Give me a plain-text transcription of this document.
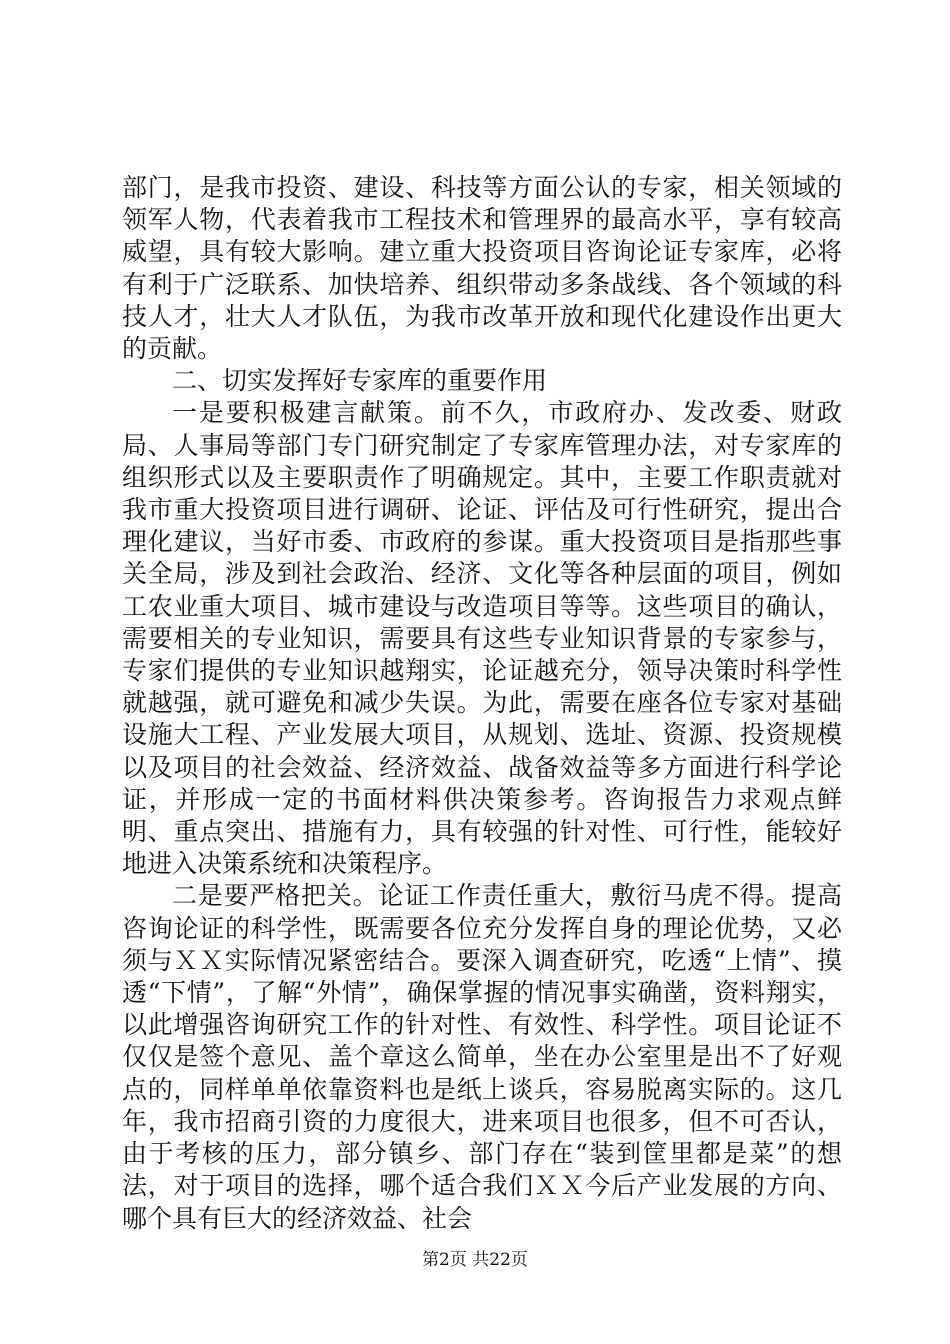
部门，是我市投资、建设、科技等方面公认的专家，相关领域的领军人物，代表着我市工程技术和管理界的最高水平，享有较高威望，具有较大影响。建立重大投资项目咨询论证专家库，必将有利于广泛联系、加快培养、组织带动多条战线、各个领域的科技人才，壮大人才队伍，为我市改革开放和现代化建设作出更大的贡献。

二、切实发挥好专家库的重要作用

一是要积极建言献策。前不久，市政府办、发改委、财政局、人事局等部门专门研究制定了专家库管理办法，对专家库的组织形式以及主要职责作了明确规定。其中，主要工作职责就对我市重大投资项目进行调研、论证、评估及可行性研究，提出合理化建议，当好市委、市政府的参谋。重大投资项目是指那些事关全局，涉及到社会政治、经济、文化等各种层面的项目，例如工农业重大项目、城市建设与改造项目等等。这些项目的确认，需要相关的专业知识，需要具有这些专业知识背景的专家参与，专家们提供的专业知识越翔实，论证越充分，领导决策时科学性就越强，就可避免和减少失误。为此，需要在座各位专家对基础设施大工程、产业发展大项目，从规划、选址、资源、投资规模以及项目的社会效益、经济效益、战备效益等多方面进行科学论证，并形成一定的书面材料供决策参考。咨询报告力求观点鲜明、重点突出、措施有力，具有较强的针对性、可行性，能较好地进入决策系统和决策程序。

二是要严格把关。论证工作责任重大，敷衍马虎不得。提高咨询论证的科学性，既需要各位充分发挥自身的理论优势，又必须与ＸＸ实际情况紧密结合。要深入调查研究，吃透“上情”、摸透“下情”，了解“外情”，确保掌握的情况事实确凿，资料翔实，以此增强咨询研究工作的针对性、有效性、科学性。项目论证不仅仅是签个意见、盖个章这么简单，坐在办公室里是出不了好观点的，同样单单依靠资料也是纸上谈兵，容易脱离实际的。这几年，我市招商引资的力度很大，进来项目也很多，但不可否认，由于考核的压力，部分镇乡、部门存在“装到筐里都是菜”的想法，对于项目的选择，哪个适合我们ＸＸ今后产业发展的方向、哪个具有巨大的经济效益、社会

第2页 共22页
